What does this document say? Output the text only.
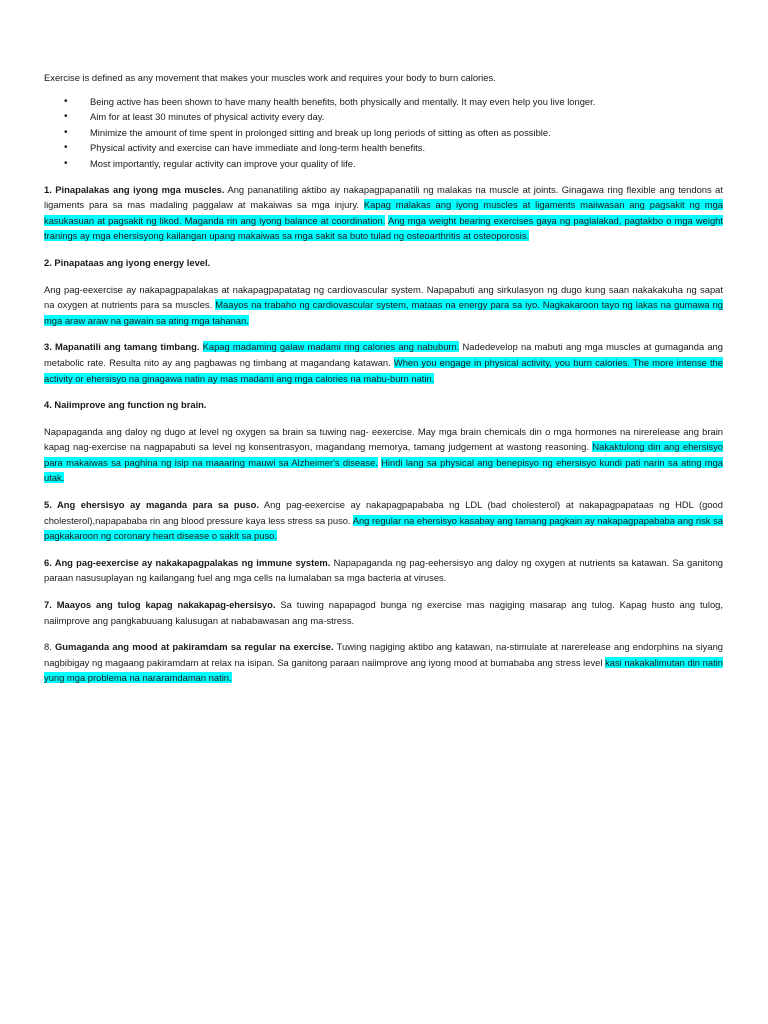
Exercise is defined as any movement that makes your muscles work and requires your body to burn calories.

• Being active has been shown to have many health benefits, both physically and mentally. It may even help you live longer.
• Aim for at least 30 minutes of physical activity every day.
• Minimize the amount of time spent in prolonged sitting and break up long periods of sitting as often as possible.
• Physical activity and exercise can have immediate and long-term health benefits.
• Most importantly, regular activity can improve your quality of life.

1. Pinapalakas ang iyong mga muscles. Ang pananatiling aktibo ay nakapagpapanatili ng malakas na muscle at joints. Ginagawa ring flexible ang tendons at ligaments para sa mas madaling paggalaw at makaiwas sa mga injury. Kapag malakas ang iyong muscles at ligaments maiiwasan ang pagsakit ng mga kasukasuan at pagsakit ng likod. Maganda rin ang iyong balance at coordination. Ang mga weight bearing exercises gaya ng paglalakad, pagtakbo o mga weight tranings ay mga ehersisyong kailangan upang makaiwas sa mga sakit sa buto tulad ng osteoarthritis at osteoporosis.

2. Pinapataas ang iyong energy level.

Ang pag-eexercise ay nakapagpapalakas at nakapagpapatatag ng cardiovascular system. Napapabuti ang sirkulasyon ng dugo kung saan nakakakuha ng sapat na oxygen at nutrients para sa muscles. Maayos na trabaho ng cardiovascular system, mataas na energy para sa iyo. Nagkakaroon tayo ng lakas na gumawa ng mga araw araw na gawain sa ating mga tahanan.

3. Mapanatili ang tamang timbang. Kapag madaming galaw madami ring calories ang nabuburn. Nadedevelop na mabuti ang mga muscles at gumaganda ang metabolic rate. Resulta nito ay ang pagbawas ng timbang at magandang katawan. When you engage in physical activity, you burn calories. The more intense the activity or ehersisyo na ginagawa natin ay mas madami ang mga calories na mabu-burn natin.

4. Naiimprove ang function ng brain.

Napapaganda ang daloy ng dugo at level ng oxygen sa brain sa tuwing nag- eexercise. May mga brain chemicals din o mga hormones na nirerelease ang brain kapag nag-exercise na nagpapabuti sa level ng konsentrasyon, magandang memorya, tamang judgement at wastong reasoning. Nakaktulong din ang ehersisyo para makaiwas sa paghina ng isip na maaaring mauwi sa Alzheimer's disease. Hindi lang sa physical ang benepisyo ng ehersisyo kundi pati narin sa ating mga utak.

5. Ang ehersisyo ay maganda para sa puso. Ang pag-eexercise ay nakapagpapababa ng LDL (bad cholesterol) at nakapagpapataas ng HDL (good cholesterol),napapababa rin ang blood pressure kaya less stress sa puso. Ang regular na ehersisyo kasabay ang tamang pagkain ay nakapagpapababa ang risk sa pagkakaroon ng coronary heart disease o sakit sa puso.

6. Ang pag-eexercise ay nakakapagpalakas ng immune system. Napapaganda ng pag-eehersisyo ang daloy ng oxygen at nutrients sa katawan. Sa ganitong paraan nasusuplayan ng kailangang fuel ang mga cells na lumalaban sa mga bacteria at viruses.

7. Maayos ang tulog kapag nakakapag-ehersisyo. Sa tuwing napapagod bunga ng exercise mas nagiging masarap ang tulog. Kapag husto ang tulog, naiimprove ang pangkabuuang kalusugan at nababawasan ang ma-stress.

8. Gumaganda ang mood at pakiramdam sa regular na exercise. Tuwing nagiging aktibo ang katawan, na-stimulate at narerelease ang endorphins na siyang nagbibigay ng magaang pakiramdam at relax na isipan. Sa ganitong paraan naiimprove ang iyong mood at bumababa ang stress level kasi nakakalimutan din natin yung mga problema na nararamdaman natin.
